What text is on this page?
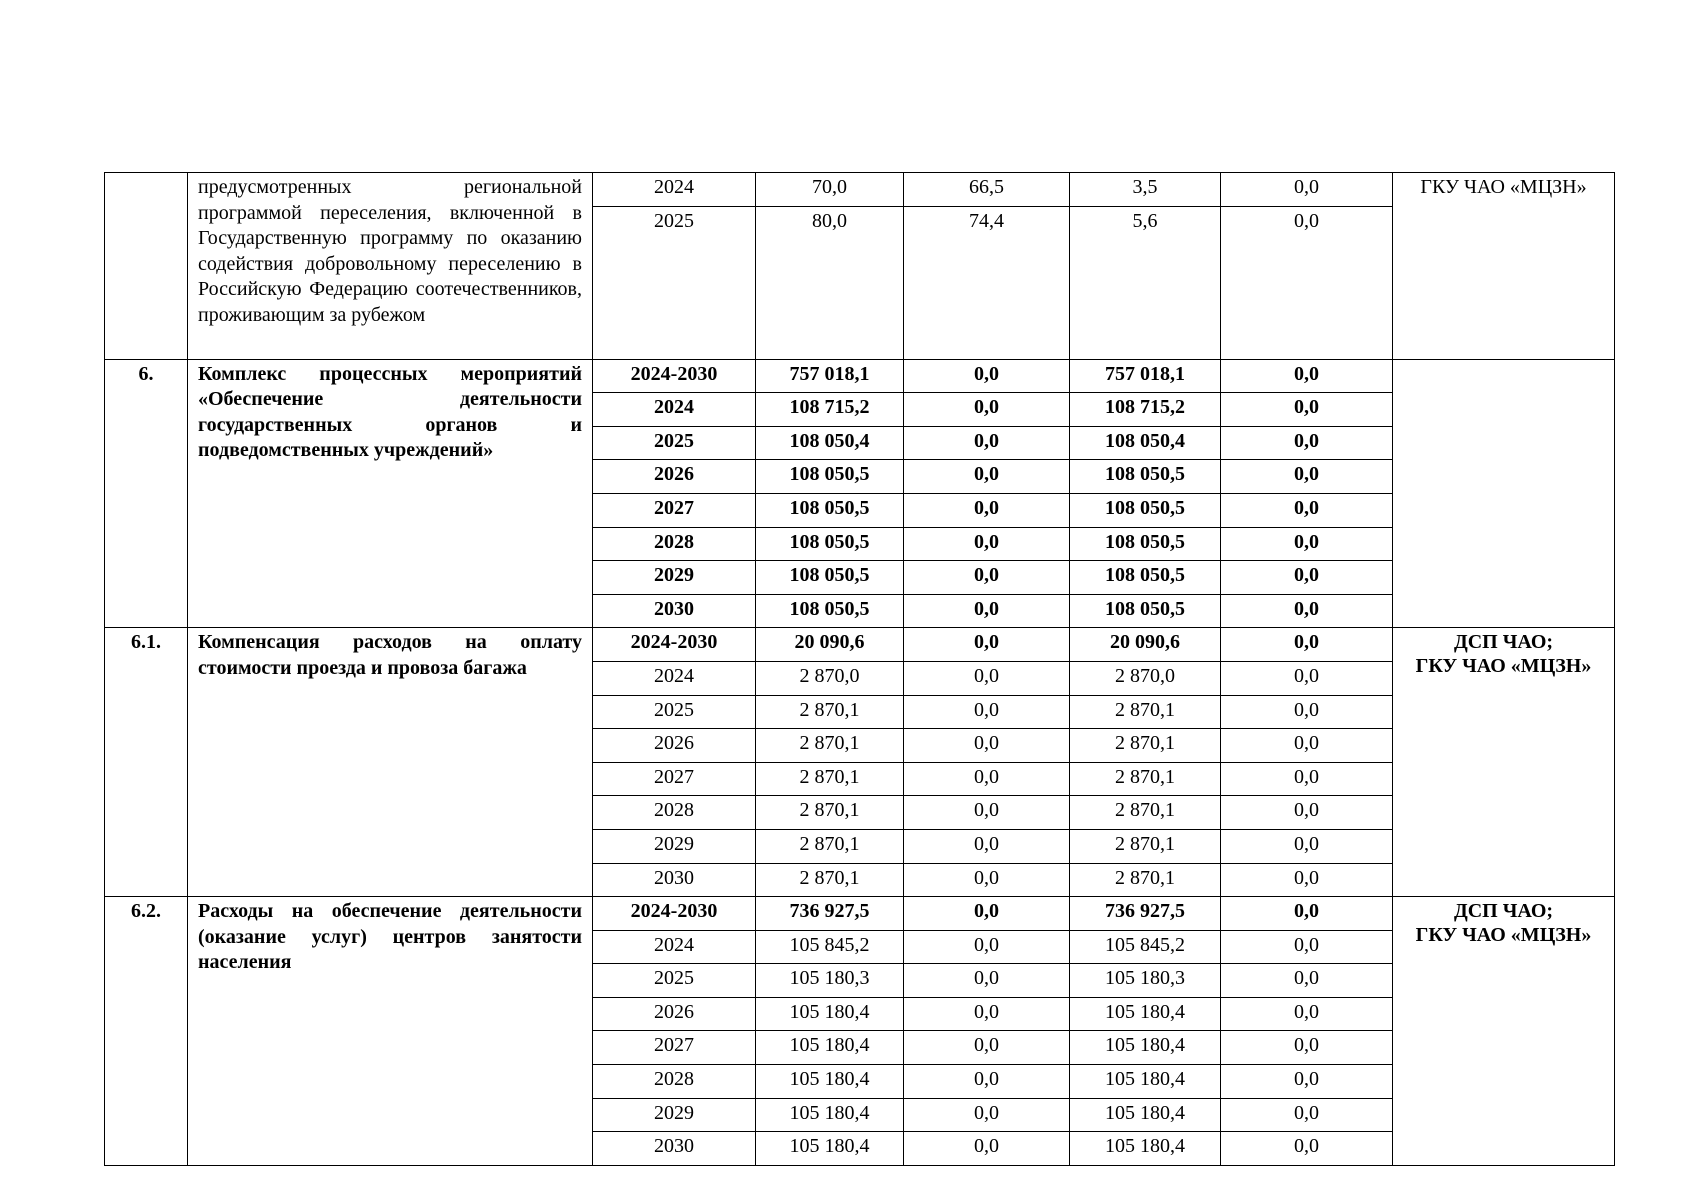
	предусмотренных региональной программой переселения, включенной в Государственную программу по оказанию содействия добровольному переселению в Российскую Федерацию соотечественников, проживающим за рубежом	2024	70,0	66,5	3,5	0,0	ГКУ ЧАО «МЦЗН»

		2025	80,0	74,4	5,6	0,0	
6.	Комплекс процессных мероприятий «Обеспечение деятельности государственных органов и подведомственных учреждений»	2024-2030	757 018,1	0,0	757 018,1	0,0	
		2024	108 715,2	0,0	108 715,2	0,0	
		2025	108 050,4	0,0	108 050,4	0,0	
		2026	108 050,5	0,0	108 050,5	0,0	
		2027	108 050,5	0,0	108 050,5	0,0	
		2028	108 050,5	0,0	108 050,5	0,0	
		2029	108 050,5	0,0	108 050,5	0,0	
		2030	108 050,5	0,0	108 050,5	0,0	
6.1.	Компенсация расходов на оплату стоимости проезда и провоза багажа	2024-2030	20 090,6	0,0	20 090,6	0,0	ДСП ЧАО;
ГКУ ЧАО «МЦЗН»

		2024	2 870,0	0,0	2 870,0	0,0	
		2025	2 870,1	0,0	2 870,1	0,0	
		2026	2 870,1	0,0	2 870,1	0,0	
		2027	2 870,1	0,0	2 870,1	0,0	
		2028	2 870,1	0,0	2 870,1	0,0	
		2029	2 870,1	0,0	2 870,1	0,0	
		2030	2 870,1	0,0	2 870,1	0,0	
6.2.	Расходы на обеспечение деятельности (оказание услуг) центров занятости населения	2024-2030	736 927,5	0,0	736 927,5	0,0	ДСП ЧАО;
ГКУ ЧАО «МЦЗН»

		2024	105 845,2	0,0	105 845,2	0,0	
		2025	105 180,3	0,0	105 180,3	0,0	
		2026	105 180,4	0,0	105 180,4	0,0	
		2027	105 180,4	0,0	105 180,4	0,0	
		2028	105 180,4	0,0	105 180,4	0,0	
		2029	105 180,4	0,0	105 180,4	0,0	
		2030	105 180,4	0,0	105 180,4	0,0	
